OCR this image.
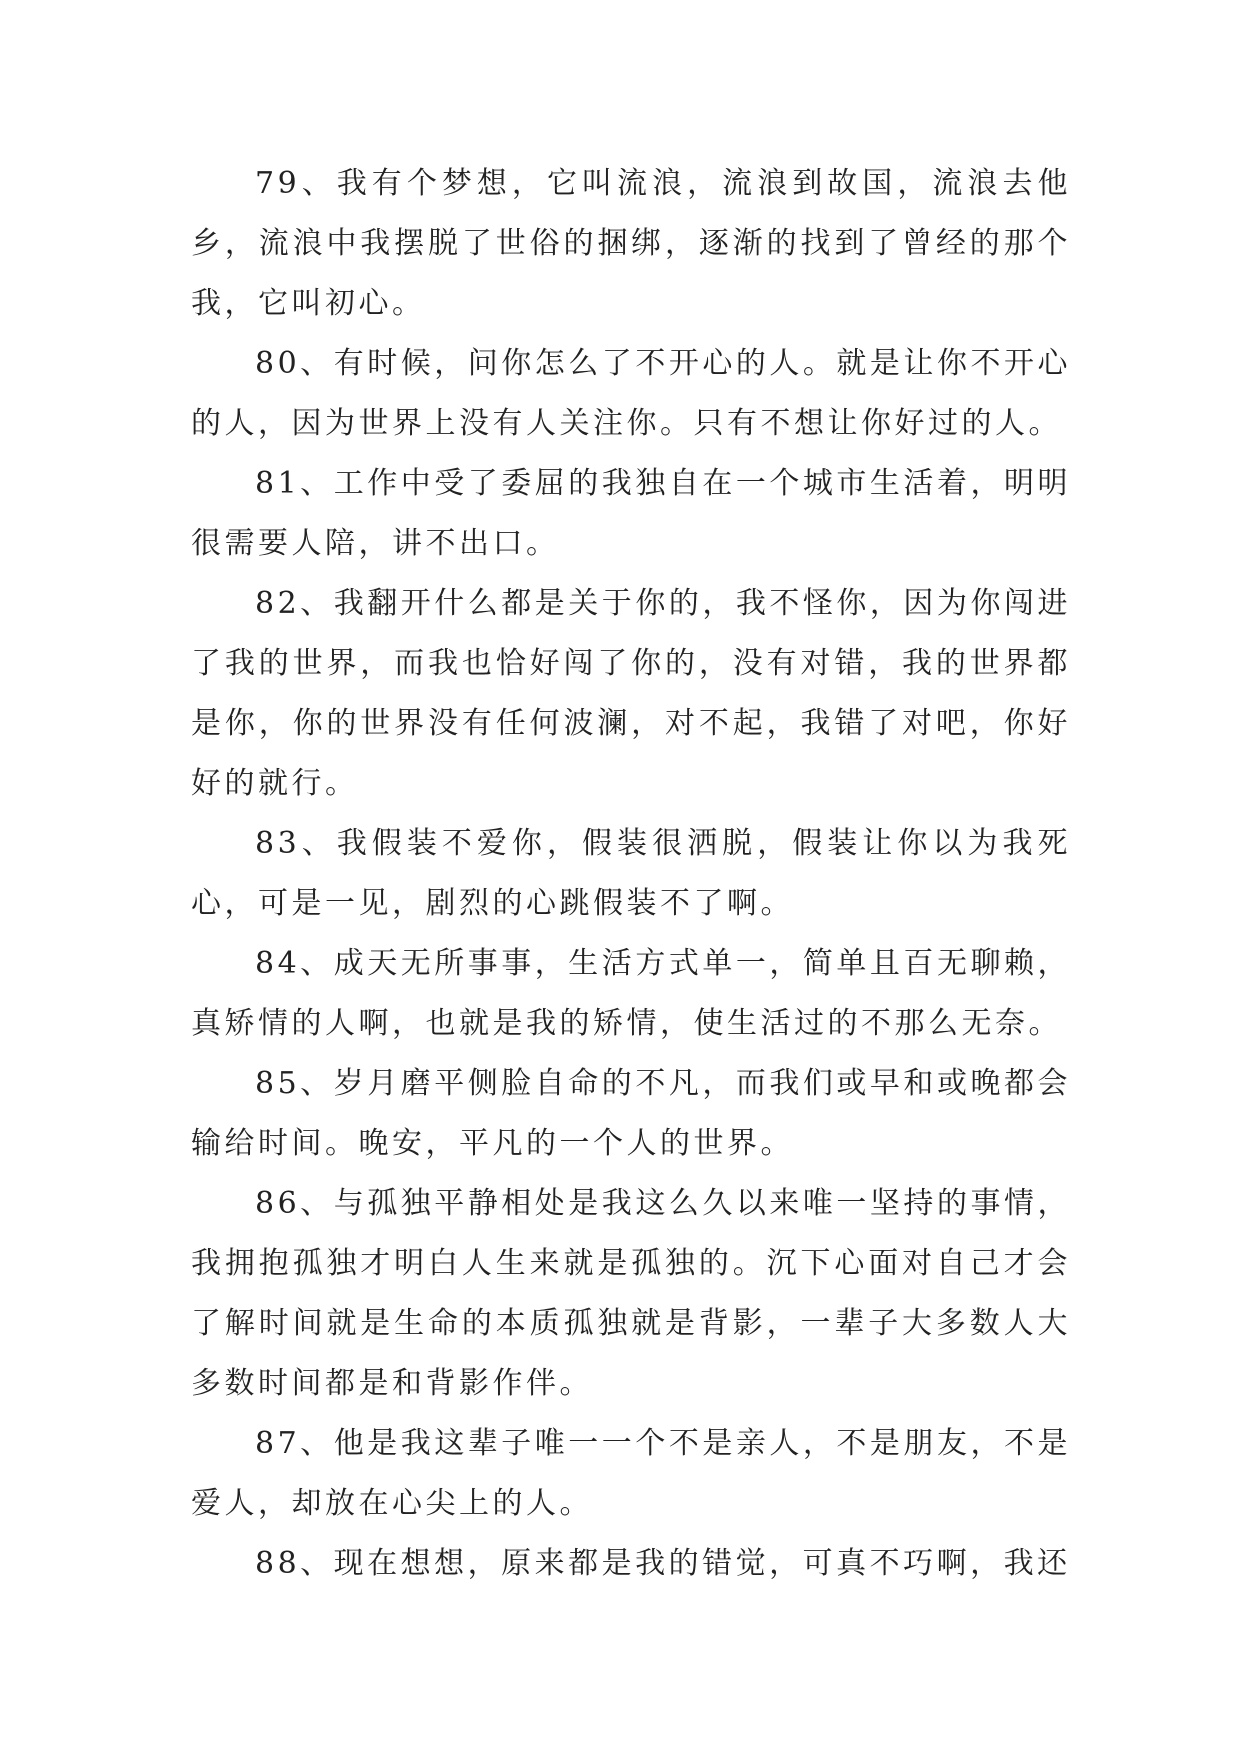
79、我有个梦想，它叫流浪，流浪到故国，流浪去他乡，流浪中我摆脱了世俗的捆绑，逐渐的找到了曾经的那个我，它叫初心。

80、有时候，问你怎么了不开心的人。就是让你不开心的人，因为世界上没有人关注你。只有不想让你好过的人。

81、工作中受了委屈的我独自在一个城市生活着，明明很需要人陪，讲不出口。

82、我翻开什么都是关于你的，我不怪你，因为你闯进了我的世界，而我也恰好闯了你的，没有对错，我的世界都是你，你的世界没有任何波澜，对不起，我错了对吧，你好好的就行。

83、我假装不爱你，假装很洒脱，假装让你以为我死心，可是一见，剧烈的心跳假装不了啊。

84、成天无所事事，生活方式单一，简单且百无聊赖，真矫情的人啊，也就是我的矫情，使生活过的不那么无奈。

85、岁月磨平侧脸自命的不凡，而我们或早和或晚都会输给时间。晚安，平凡的一个人的世界。

86、与孤独平静相处是我这么久以来唯一坚持的事情，我拥抱孤独才明白人生来就是孤独的。沉下心面对自己才会了解时间就是生命的本质孤独就是背影，一辈子大多数人大多数时间都是和背影作伴。

87、他是我这辈子唯一一个不是亲人，不是朋友，不是爱人，却放在心尖上的人。

88、现在想想，原来都是我的错觉，可真不巧啊，我还
